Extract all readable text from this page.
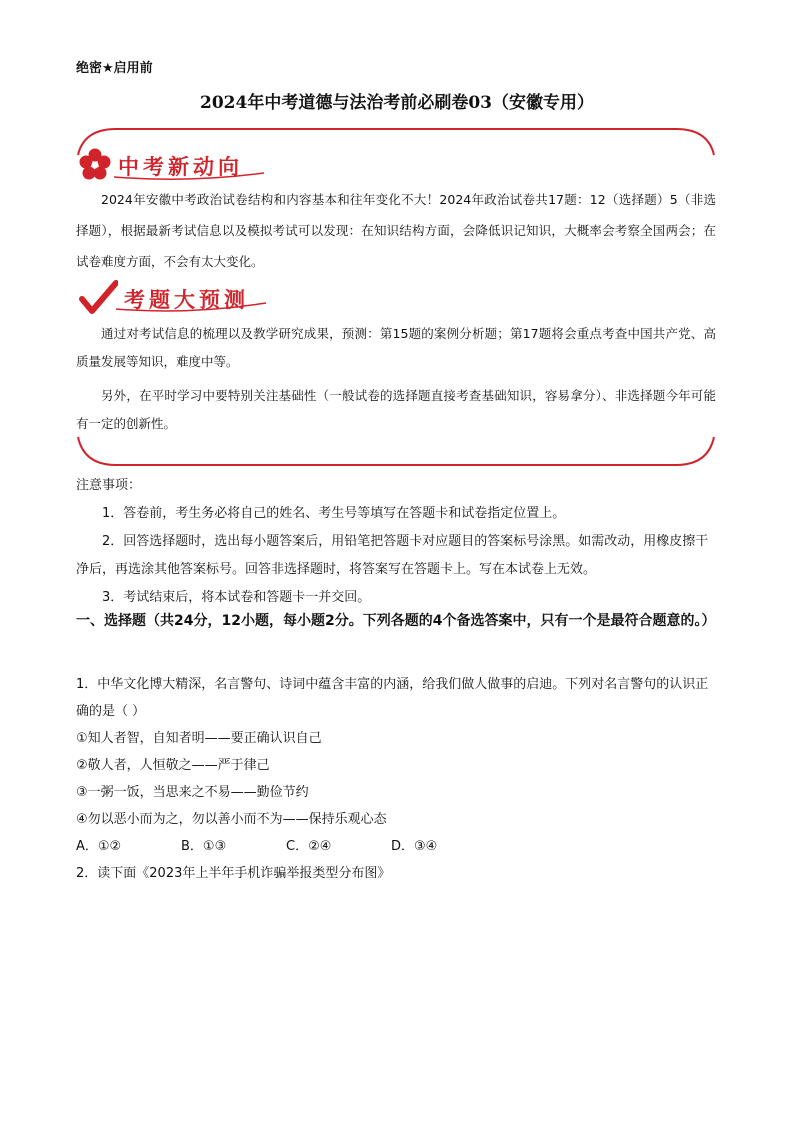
绝密★启用前
2024年中考道德与法治考前必刷卷03（安徽专用）
中考新动向

2024年安徽中考政治试卷结构和内容基本和往年变化不大！2024年政治试卷共17题：12（选择题）5（非选择题），根据最新考试信息以及模拟考试可以发现：在知识结构方面，会降低识记知识，大概率会考察全国两会；在试卷难度方面，不会有太大变化。

考题大预测

通过对考试信息的梳理以及教学研究成果，预测：第15题的案例分析题；第17题将会重点考查中国共产党、高质量发展等知识，难度中等。

另外，在平时学习中要特别关注基础性（一般试卷的选择题直接考查基础知识，容易拿分）、非选择题今年可能有一定的创新性。

注意事项：

1．答卷前，考生务必将自己的姓名、考生号等填写在答题卡和试卷指定位置上。

2．回答选择题时，选出每小题答案后，用铅笔把答题卡对应题目的答案标号涂黑。如需改动，用橡皮擦干净后，再选涂其他答案标号。回答非选择题时，将答案写在答题卡上。写在本试卷上无效。

3．考试结束后，将本试卷和答题卡一并交回。

一、选择题（共24分，12小题，每小题2分。下列各题的4个备选答案中，只有一个是最符合题意的。）

1．中华文化博大精深，名言警句、诗词中蕴含丰富的内涵，给我们做人做事的启迪。下列对名言警句的认识正确的是（ ）

①知人者智，自知者明——要正确认识自己

②敬人者，人恒敬之——严于律己

③一粥一饭，当思来之不易——勤俭节约

④勿以恶小而为之，勿以善小而不为——保持乐观心态

A．①②	B．①③	C．②④	D．③④

2．读下面《2023年上半年手机诈骗举报类型分布图》
